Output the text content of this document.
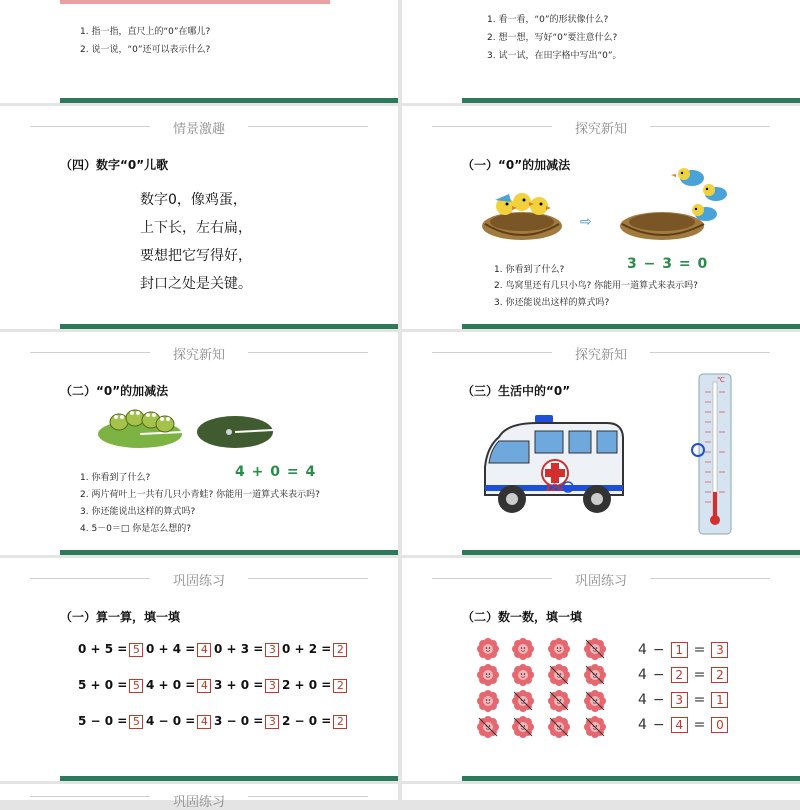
1. 指一指，直尺上的“0”在哪儿?
2. 说一说，“0”还可以表示什么?
1. 看一看，“0”的形状像什么?
2. 想一想，写好“0”要注意什么?
3. 试一试，在田字格中写出“0”。
情景激趣
（四）数字“0”儿歌
数字0，像鸡蛋，
上下长，左右扁，
要想把它写得好，
封口之处是关键。
探究新知
（一）“0”的加减法
⇨
3 − 3 = 0
1. 你看到了什么?
2. 鸟窝里还有几只小鸟? 你能用一道算式来表示吗?
3. 你还能说出这样的算式吗?
探究新知
（二）“0”的加减法
4 + 0 = 4
1. 你看到了什么?
2. 两片荷叶上一共有几只小青蛙? 你能用一道算式来表示吗?
3. 你还能说出这样的算式吗?
4. 5－0＝□ 你是怎么想的?
探究新知
（三）生活中的“0”
120
℃
巩固练习
（一）算一算，填一填
0 + 5 = 5 0 + 4 = 4 0 + 3 = 3 0 + 2 = 2
5 + 0 = 5 4 + 0 = 4 3 + 0 = 3 2 + 0 = 2
5 − 0 = 5 4 − 0 = 4 3 − 0 = 3 2 − 0 = 2
巩固练习
（二）数一数，填一填
4 − 1 = 3
4 − 2 = 2
4 − 3 = 1
4 − 4 = 0
巩固练习
